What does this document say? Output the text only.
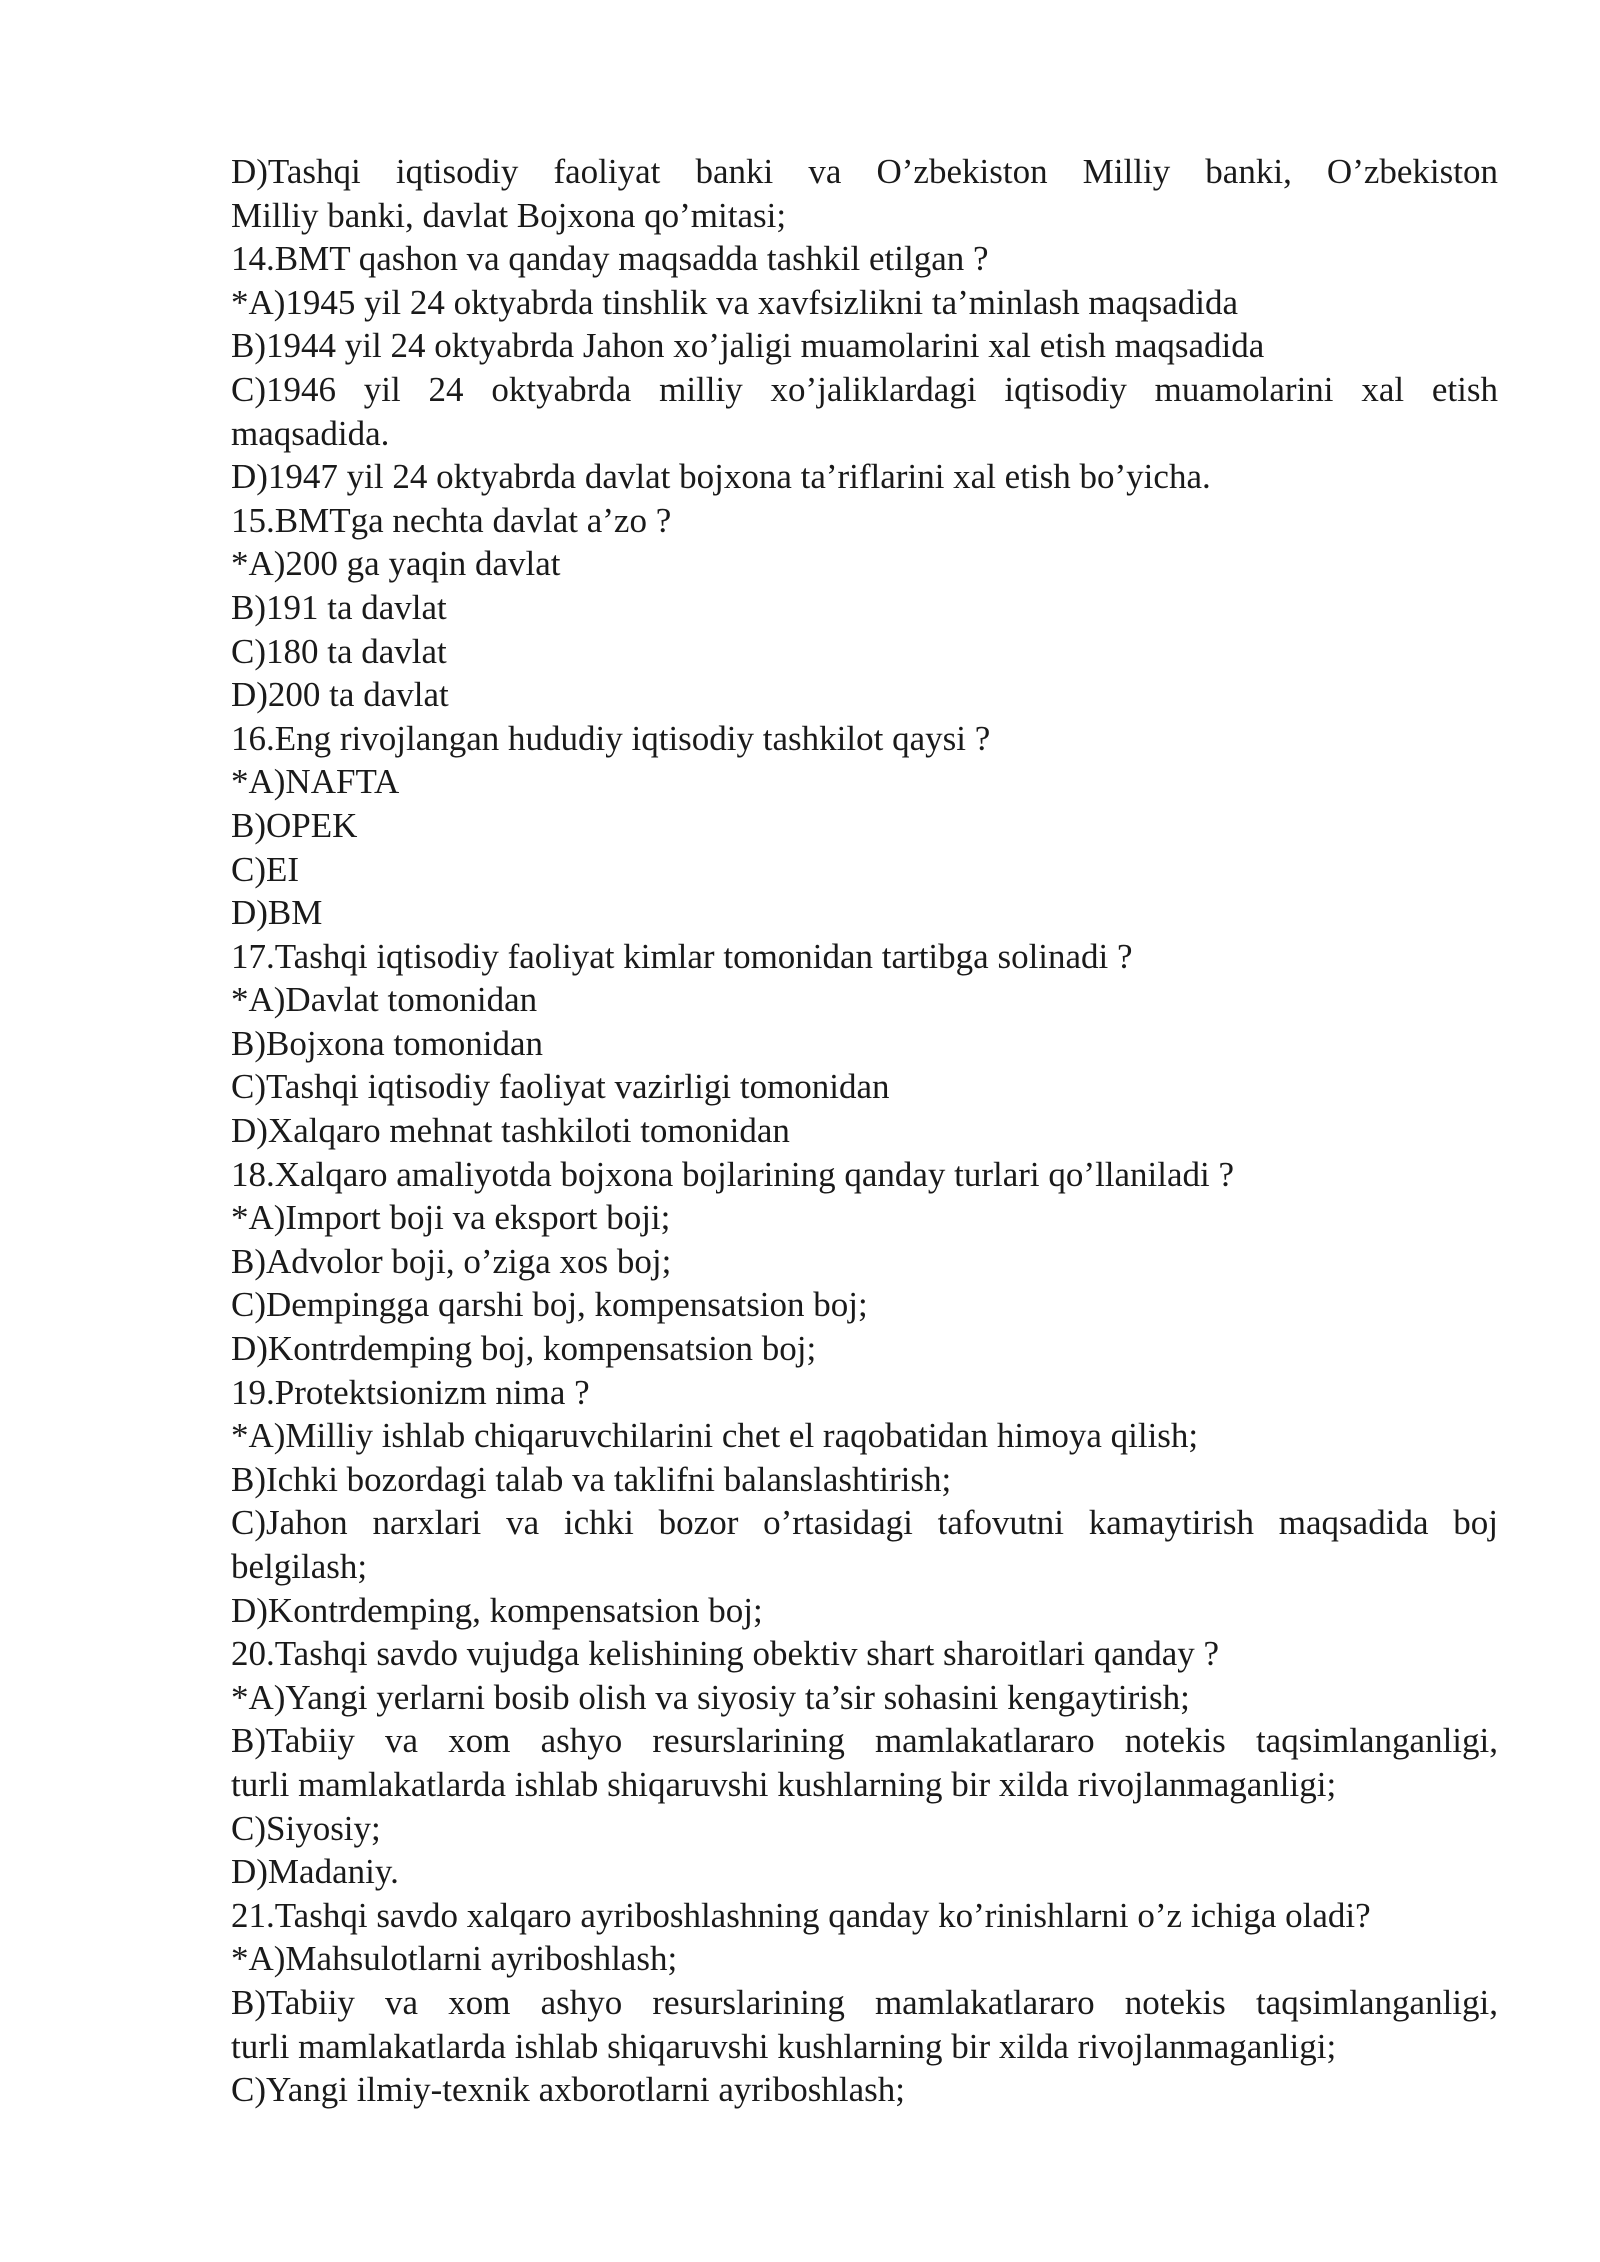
D)Tashqi iqtisodiy faoliyat banki va O’zbekiston Milliy banki, O’zbekiston
Milliy banki, davlat Bojxona qo’mitasi;
14.BMT qashon va qanday maqsadda tashkil etilgan ?
*A)1945 yil 24 oktyabrda tinshlik va xavfsizlikni ta’minlash maqsadida
B)1944 yil 24 oktyabrda Jahon xo’jaligi muamolarini xal etish maqsadida
C)1946 yil 24 oktyabrda milliy xo’jaliklardagi iqtisodiy muamolarini xal etish
maqsadida.
D)1947 yil 24 oktyabrda davlat bojxona ta’riflarini xal etish bo’yicha.
15.BMTga nechta davlat a’zo ?
*A)200 ga yaqin davlat
B)191 ta davlat
C)180 ta davlat
D)200 ta davlat
16.Eng rivojlangan hududiy iqtisodiy tashkilot qaysi ?
*A)NAFTA
B)OPEK
C)EI
D)BM
17.Tashqi iqtisodiy faoliyat kimlar tomonidan tartibga solinadi ?
*A)Davlat tomonidan
B)Bojxona tomonidan
C)Tashqi iqtisodiy faoliyat vazirligi tomonidan
D)Xalqaro mehnat tashkiloti tomonidan
18.Xalqaro amaliyotda bojxona bojlarining qanday turlari qo’llaniladi ?
*A)Import boji va eksport boji;
B)Advolor boji, o’ziga xos boj;
C)Dempingga qarshi boj, kompensatsion boj;
D)Kontrdemping boj, kompensatsion boj;
19.Protektsionizm nima ?
*A)Milliy ishlab chiqaruvchilarini chet el raqobatidan himoya qilish;
B)Ichki bozordagi talab va taklifni balanslashtirish;
C)Jahon narxlari va ichki bozor o’rtasidagi tafovutni kamaytirish maqsadida boj
belgilash;
D)Kontrdemping, kompensatsion boj;
20.Tashqi savdo vujudga kelishining obektiv shart sharoitlari qanday ?
*A)Yangi yerlarni bosib olish va siyosiy ta’sir sohasini kengaytirish;
B)Tabiiy va xom ashyo resurslarining mamlakatlararo notekis taqsimlanganligi,
turli mamlakatlarda ishlab shiqaruvshi kushlarning bir xilda rivojlanmaganligi;
C)Siyosiy;
D)Madaniy.
21.Tashqi savdo xalqaro ayriboshlashning qanday ko’rinishlarni o’z ichiga oladi?
*A)Mahsulotlarni ayriboshlash;
B)Tabiiy va xom ashyo resurslarining mamlakatlararo notekis taqsimlanganligi,
turli mamlakatlarda ishlab shiqaruvshi kushlarning bir xilda rivojlanmaganligi;
C)Yangi ilmiy-texnik axborotlarni ayriboshlash;
